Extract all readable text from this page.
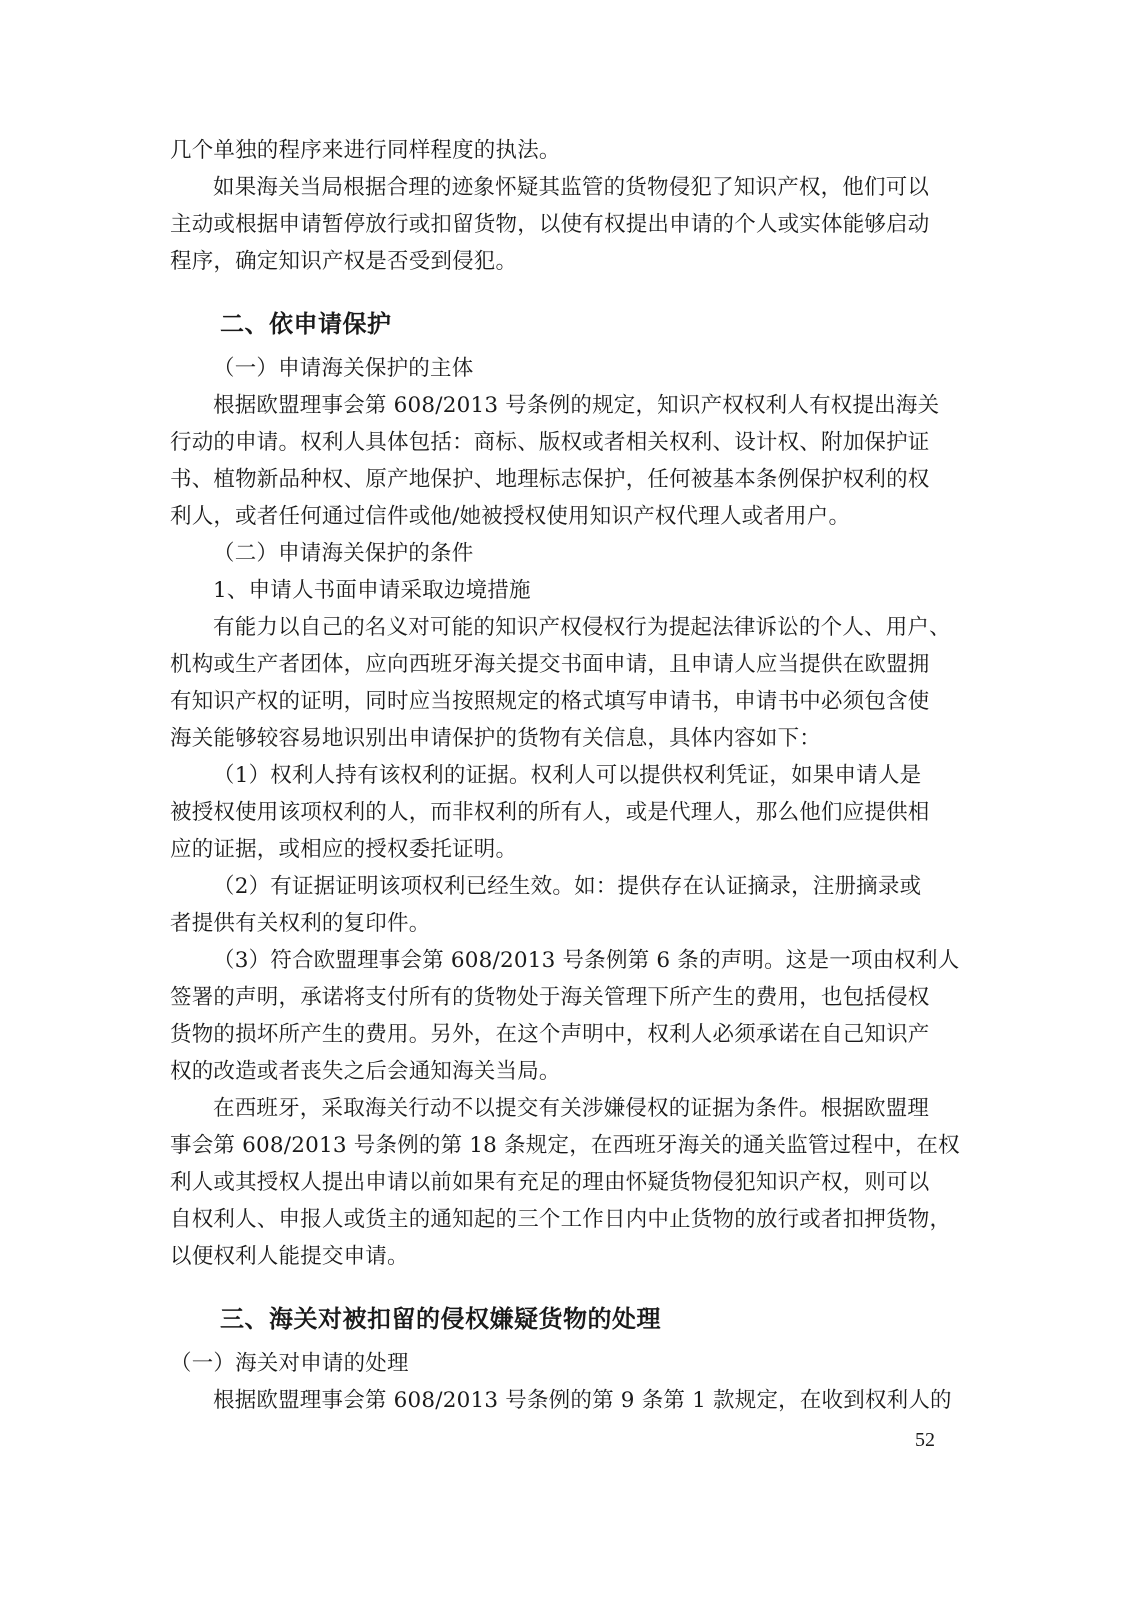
几个单独的程序来进行同样程度的执法。
如果海关当局根据合理的迹象怀疑其监管的货物侵犯了知识产权，他们可以
主动或根据申请暂停放行或扣留货物，以使有权提出申请的个人或实体能够启动
程序，确定知识产权是否受到侵犯。
二、依申请保护
（一）申请海关保护的主体
根据欧盟理事会第 608/2013 号条例的规定，知识产权权利人有权提出海关
行动的申请。权利人具体包括：商标、版权或者相关权利、设计权、附加保护证
书、植物新品种权、原产地保护、地理标志保护，任何被基本条例保护权利的权
利人，或者任何通过信件或他/她被授权使用知识产权代理人或者用户。
（二）申请海关保护的条件
1、申请人书面申请采取边境措施
有能力以自己的名义对可能的知识产权侵权行为提起法律诉讼的个人、用户、
机构或生产者团体，应向西班牙海关提交书面申请，且申请人应当提供在欧盟拥
有知识产权的证明，同时应当按照规定的格式填写申请书，申请书中必须包含使
海关能够较容易地识别出申请保护的货物有关信息，具体内容如下：
（1）权利人持有该权利的证据。权利人可以提供权利凭证，如果申请人是
被授权使用该项权利的人，而非权利的所有人，或是代理人，那么他们应提供相
应的证据，或相应的授权委托证明。
（2）有证据证明该项权利已经生效。如：提供存在认证摘录，注册摘录或
者提供有关权利的复印件。
（3）符合欧盟理事会第 608/2013 号条例第 6 条的声明。这是一项由权利人
签署的声明，承诺将支付所有的货物处于海关管理下所产生的费用，也包括侵权
货物的损坏所产生的费用。另外，在这个声明中，权利人必须承诺在自己知识产
权的改造或者丧失之后会通知海关当局。
在西班牙，采取海关行动不以提交有关涉嫌侵权的证据为条件。根据欧盟理
事会第 608/2013 号条例的第 18 条规定，在西班牙海关的通关监管过程中，在权
利人或其授权人提出申请以前如果有充足的理由怀疑货物侵犯知识产权，则可以
自权利人、申报人或货主的通知起的三个工作日内中止货物的放行或者扣押货物，
以便权利人能提交申请。
三、海关对被扣留的侵权嫌疑货物的处理
（一）海关对申请的处理
根据欧盟理事会第 608/2013 号条例的第 9 条第 1 款规定，在收到权利人的
52
